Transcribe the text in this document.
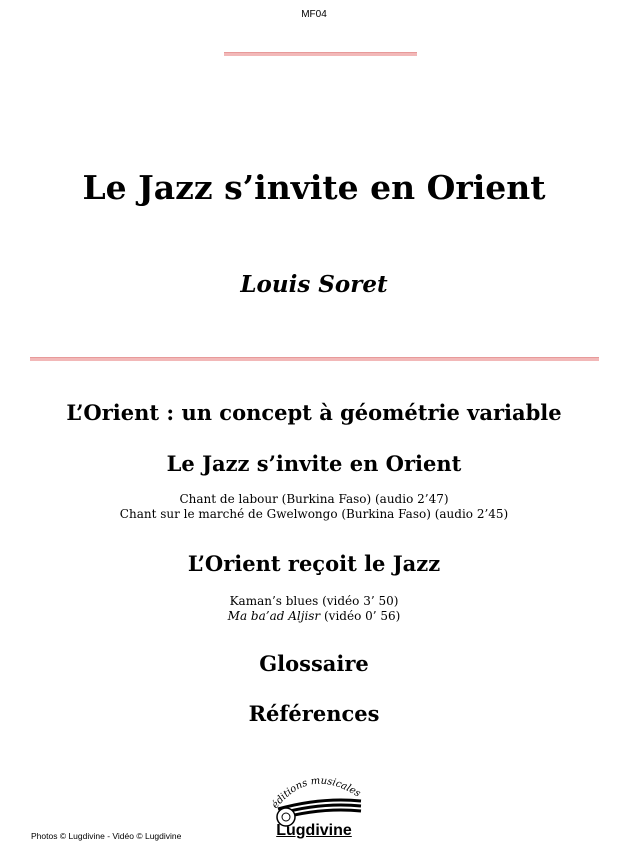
MF04
Le Jazz s’invite en Orient
Louis Soret
L’Orient : un concept à géométrie variable
Le Jazz s’invite en Orient
Chant de labour (Burkina Faso) (audio 2’47)
Chant sur le marché de Gwelwongo (Burkina Faso) (audio 2’45)
L’Orient reçoit le Jazz
Kaman’s blues (vidéo 3’ 50)
Ma ba’ad Aljisr (vidéo 0’ 56)
Glossaire
Références
Photos © Lugdivine - Vidéo © Lugdivine
éditions musicales
Lugdivine
